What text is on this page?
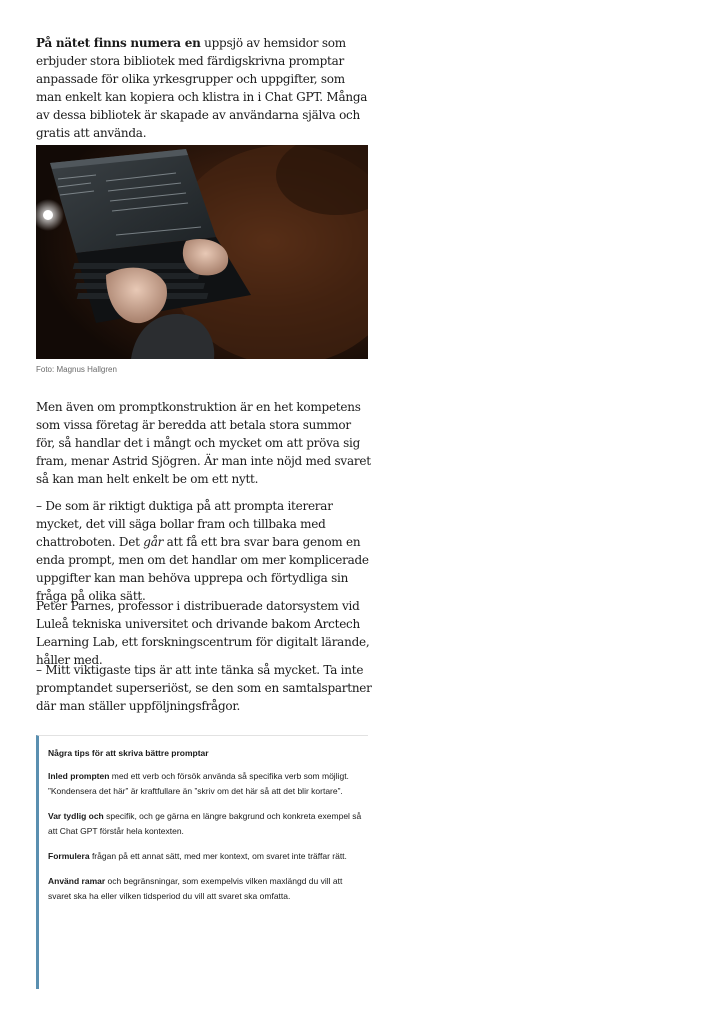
På nätet finns numera en uppsjö av hemsidor som erbjuder stora bibliotek med färdigskrivna promptar anpassade för olika yrkesgrupper och uppgifter, som man enkelt kan kopiera och klistra in i Chat GPT. Många av dessa bibliotek är skapade av användarna själva och gratis att använda.

Foto: Magnus Hallgren

Men även om promptkonstruktion är en het kompetens som vissa företag är beredda att betala stora summor för, så handlar det i mångt och mycket om att pröva sig fram, menar Astrid Sjögren. Är man inte nöjd med svaret så kan man helt enkelt be om ett nytt.

– De som är riktigt duktiga på att prompta itererar mycket, det vill säga bollar fram och tillbaka med chattroboten. Det går att få ett bra svar bara genom en enda prompt, men om det handlar om mer komplicerade uppgifter kan man behöva upprepa och förtydliga sin fråga på olika sätt.

Peter Parnes, professor i distribuerade datorsystem vid Luleå tekniska universitet och drivande bakom Arctech Learning Lab, ett forskningscentrum för digitalt lärande, håller med.

– Mitt viktigaste tips är att inte tänka så mycket. Ta inte promptandet superseriöst, se den som en samtalspartner där man ställer uppföljningsfrågor.

Några tips för att skriva bättre promptar

Inled prompten med ett verb och försök använda så specifika verb som möjligt. ”Kondensera det här” är kraftfullare än ”skriv om det här så att det blir kortare”.

Var tydlig och specifik, och ge gärna en längre bakgrund och konkreta exempel så att Chat GPT förstår hela kontexten.

Formulera frågan på ett annat sätt, med mer kontext, om svaret inte träffar rätt.

Använd ramar och begränsningar, som exempelvis vilken maxlängd du vill att svaret ska ha eller vilken tidsperiod du vill att svaret ska omfatta.
